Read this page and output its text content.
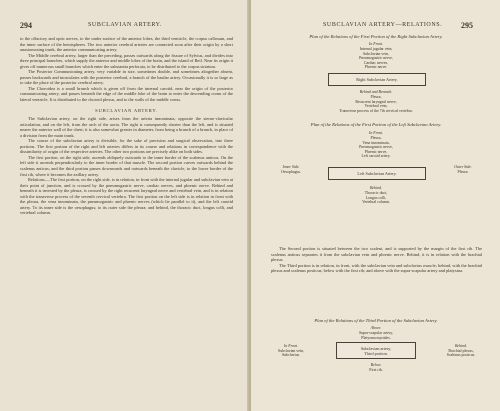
294	SUBCLAVIAN ARTERY.

to the olfactory and optic nerves, to the under surface of the anterior lobes, the third ventricle, the corpus callosum, and the inner surface of the hemispheres. The two anterior cerebral arteries are connected soon after their origin by a short anastomosing trunk, the anterior communicating artery.

The Middle cerebral artery, larger than the preceding, passes outwards along the fissure of Sylvius, and divides into three principal branches, which supply the anterior and middle lobes of the brain, and the island of Reil. Near its origin it gives off numerous small branches which enter the substantia perforata, to be distributed to the corpus striatum.

The Posterior Communicating artery, very variable in size, sometimes double, and sometimes altogether absent, passes backwards and inosculates with the posterior cerebral, a branch of the basilar artery. Occasionally it is so large as to take the place of the posterior cerebral artery.

The Choroidea is a small branch which is given off from the internal carotid, near the origin of the posterior communicating artery, and passes beneath the edge of the middle lobe of the brain to enter the descending cornu of the lateral ventricle. It is distributed to the choroid plexus, and to the walls of the middle cornu.

SUBCLAVIAN ARTERY.

The Subclavian artery, on the right side, arises from the arteria innominata, opposite the sterno-clavicular articulation, and on the left, from the arch of the aorta. The right is consequently shorter than the left, and is situated nearer the anterior wall of the chest; it is also somewhat greater in diameter, from being a branch of a branch, in place of a division from the main trunk.

The course of the subclavian artery is divisible, for the sake of precision and surgical observation, into three portions. The first portion of the right and left arteries differs in its course and relations in correspondence with the dissimilarity of origin of the respective arteries. The other two portions are precisely alike on both sides.

The first portion, on the right side, ascends obliquely outwards to the inner border of the scalenus anticus. On the left side it ascends perpendicularly to the inner border of that muscle. The second portion curves outwards behind the scalenus anticus; and the third portion passes downwards and outwards beneath the clavicle, to the lower border of the first rib, where it becomes the axillary artery.

Relations.—The first portion, on the right side, is in relation, in front with the internal jugular and subclavian vein at their point of junction, and is crossed by the pneumogastric nerve, cardiac nerves, and phrenic nerve. Behind and beneath it is invested by the pleura, is crossed by the right recurrent laryngeal nerve and vertebral vein, and is in relation with the transverse process of the seventh cervical vertebra. The first portion on the left side is in relation in front with the pleura, the vena innominata, the pneumogastric and phrenic nerves (which lie parallel to it), and the left carotid artery. To its inner side is the oesophagus; to its outer side the pleura; and behind, the thoracic duct, longus colli, and vertebral column.

SUBCLAVIAN ARTERY—RELATIONS. 295
Plan of the Relations of the First Portion of the Right Subclavian Artery.
In Front.
Internal jugular vein,
Subclavian vein,
Pneumogastric nerve,
Cardiac nerves,
Phrenic nerve.
Right Subclavian Artery.
Behind and Beneath.
Pleura,
Recurrent laryngeal nerve,
Vertebral vein,
Transverse process of the 7th cervical vertebra.
Plan of the Relations of the First Portion of the Left Subclavian Artery.
In Front.
Pleura,
Vena innominata,
Pneumogastric nerve,
Phrenic nerve,
Left carotid artery.
Inner Side.
Oesophagus.	Left Subclavian Artery.
Outer Side.
Pleura.
Behind.
Thoracic duct,
Longus colli,
Vertebral column.

The Second portion is situated between the two scaleni, and is supported by the margin of the first rib. The scalenus anticus separates it from the subclavian vein and phrenic nerve. Behind, it is in relation with the brachial plexus.

The Third portion is in relation, in front, with the subclavian vein and subclavius muscle; behind, with the brachial plexus and scalenus posticus; below with the first rib; and above with the supra-scapular artery and platysma.

Plan of the Relations of the Third Portion of the Subclavian Artery.
Above.
Supra-scapular artery,
Platysma myoides.
In Front.
Subclavian vein,
Subclavius.
Subclavian artery,
Third portion.
Behind.
Brachial plexus,
Scalenus posticus.
Below.
First rib.
